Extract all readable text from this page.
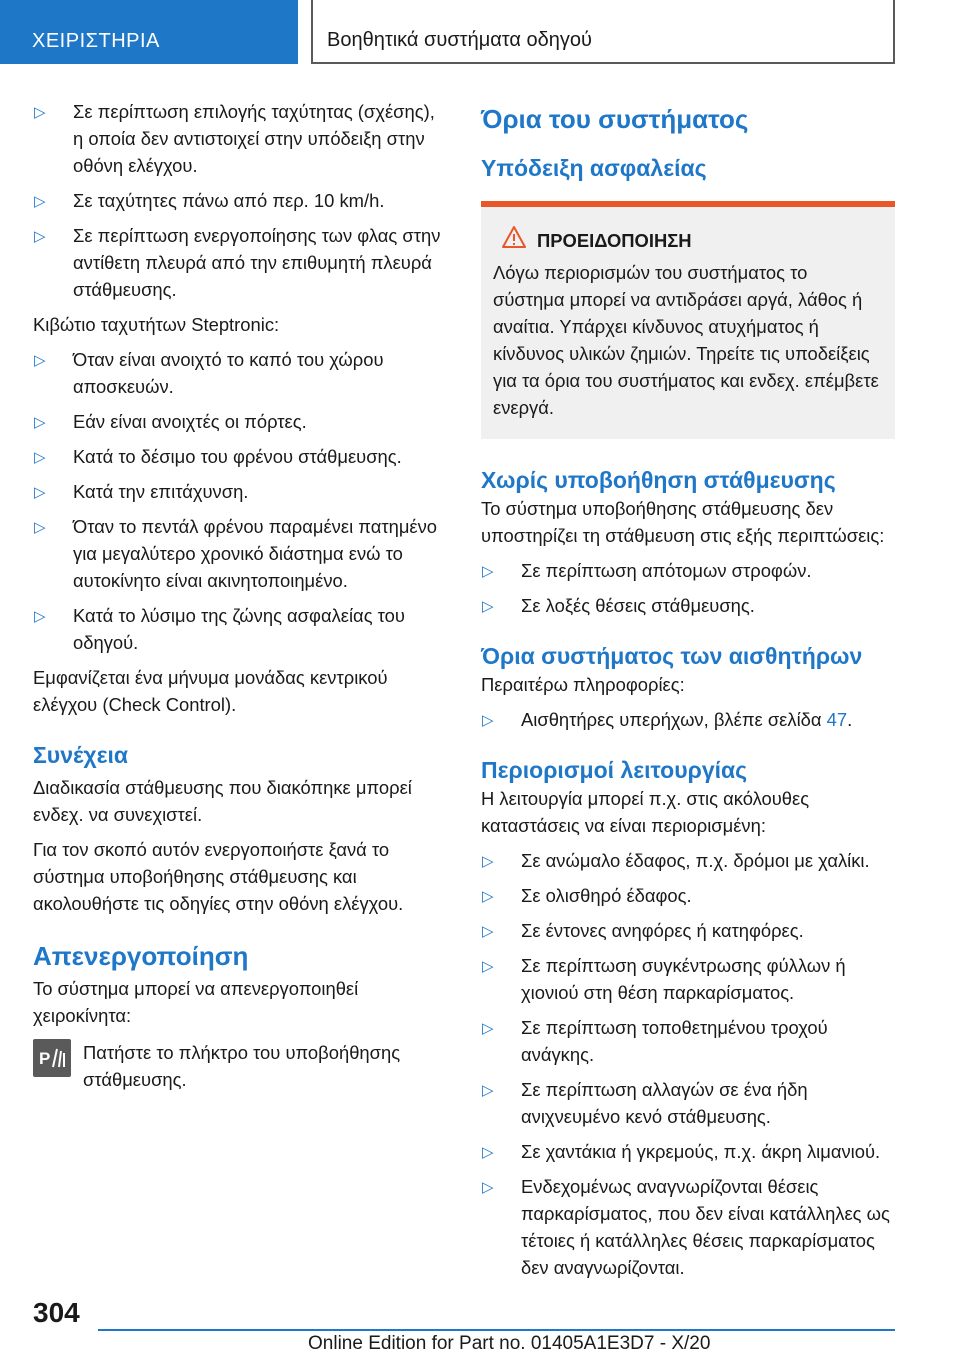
ΧΕΙΡΙΣΤΗΡΙΑ	Βοηθητικά συστήματα οδηγού
▷ Σε περίπτωση επιλογής ταχύτητας (σχέσης), η οποία δεν αντιστοιχεί στην υπόδειξη στην οθόνη ελέγχου.
▷ Σε ταχύτητες πάνω από περ. 10 km/h.
▷ Σε περίπτωση ενεργοποίησης των φλας στην αντίθετη πλευρά από την επιθυμητή πλευρά στάθμευσης.
Κιβώτιο ταχυτήτων Steptronic:
▷ Όταν είναι ανοιχτό το καπό του χώρου αποσκευών.
▷ Εάν είναι ανοιχτές οι πόρτες.
▷ Κατά το δέσιμο του φρένου στάθμευσης.
▷ Κατά την επιτάχυνση.
▷ Όταν το πεντάλ φρένου παραμένει πατημένο για μεγαλύτερο χρονικό διάστημα ενώ το αυτοκίνητο είναι ακινητοποιημένο.
▷ Κατά το λύσιμο της ζώνης ασφαλείας του οδηγού.
Εμφανίζεται ένα μήνυμα μονάδας κεντρικού ελέγχου (Check Control).
Συνέχεια
Διαδικασία στάθμευσης που διακόπηκε μπορεί ενδεχ. να συνεχιστεί.
Για τον σκοπό αυτόν ενεργοποιήστε ξανά το σύστημα υποβοήθησης στάθμευσης και ακολουθήστε τις οδηγίες στην οθόνη ελέγχου.
Απενεργοποίηση
Το σύστημα μπορεί να απενεργοποιηθεί χειροκίνητα:
P Πατήστε το πλήκτρο του υποβοήθησης στάθμευσης.
Όρια του συστήματος
Υπόδειξη ασφαλείας
ΠΡΟΕΙΔΟΠΟΙΗΣΗ
Λόγω περιορισμών του συστήματος το σύστημα μπορεί να αντιδράσει αργά, λάθος ή αναίτια. Υπάρχει κίνδυνος ατυχήματος ή κίνδυνος υλικών ζημιών. Τηρείτε τις υποδείξεις για τα όρια του συστήματος και ενδεχ. επέμβετε ενεργά.
Χωρίς υποβοήθηση στάθμευσης
Το σύστημα υποβοήθησης στάθμευσης δεν υποστηρίζει τη στάθμευση στις εξής περιπτώσεις:
▷ Σε περίπτωση απότομων στροφών.
▷ Σε λοξές θέσεις στάθμευσης.
Όρια συστήματος των αισθητήρων
Περαιτέρω πληροφορίες:
▷ Αισθητήρες υπερήχων, βλέπε σελίδα 47.
Περιορισμοί λειτουργίας
Η λειτουργία μπορεί π.χ. στις ακόλουθες καταστάσεις να είναι περιορισμένη:
▷ Σε ανώμαλο έδαφος, π.χ. δρόμοι με χαλίκι.
▷ Σε ολισθηρό έδαφος.
▷ Σε έντονες ανηφόρες ή κατηφόρες.
▷ Σε περίπτωση συγκέντρωσης φύλλων ή χιονιού στη θέση παρκαρίσματος.
▷ Σε περίπτωση τοποθετημένου τροχού ανάγκης.
▷ Σε περίπτωση αλλαγών σε ένα ήδη ανιχνευμένο κενό στάθμευσης.
▷ Σε χαντάκια ή γκρεμούς, π.χ. άκρη λιμανιού.
▷ Ενδεχομένως αναγνωρίζονται θέσεις παρκαρίσματος, που δεν είναι κατάλληλες ως τέτοιες ή κατάλληλες θέσεις παρκαρίσματος δεν αναγνωρίζονται.
304
Online Edition for Part no. 01405A1E3D7 - X/20
